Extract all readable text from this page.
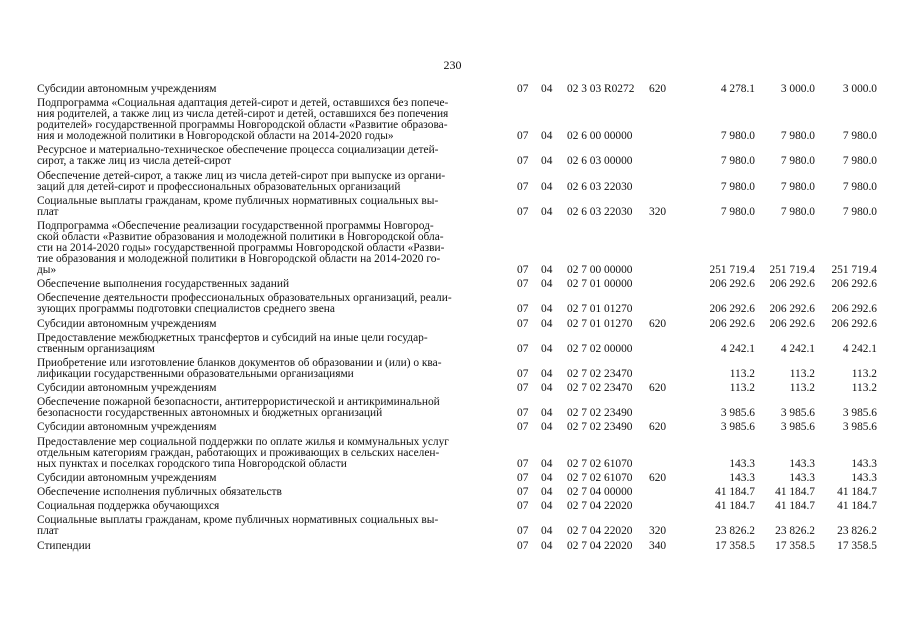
230
Субсидии автономным учреждениям	07	04	02 3 03 R0272	620	4 278.1	3 000.0	3 000.0
Подпрограмма «Социальная адаптация детей-сирот и детей, оставшихся без попече-
ния родителей, а также лиц из числа детей-сирот и детей, оставшихся без попечения
родителей» государственной программы Новгородской области «Развитие образова-
ния и молодежной политики в Новгородской области на 2014-2020 годы»	07	04	02 6 00 00000	7 980.0	7 980.0	7 980.0
Ресурсное и материально-техническое обеспечение процесса социализации детей-
сирот, а также лиц из числа детей-сирот	07	04	02 6 03 00000	7 980.0	7 980.0	7 980.0
Обеспечение детей-сирот, а также лиц из числа детей-сирот при выпуске из органи-
заций для детей-сирот и профессиональных образовательных организаций	07	04	02 6 03 22030	7 980.0	7 980.0	7 980.0
Социальные выплаты гражданам, кроме публичных нормативных социальных вы-
плат	07	04	02 6 03 22030	320	7 980.0	7 980.0	7 980.0
Подпрограмма «Обеспечение реализации государственной программы Новгород-
ской области «Развитие образования и молодежной политики в Новгородской обла-
сти на 2014-2020 годы» государственной программы Новгородской области «Разви-
тие образования и молодежной политики в Новгородской области на 2014-2020 го-
ды»	07	04	02 7 00 00000	251 719.4	251 719.4	251 719.4
Обеспечение выполнения государственных заданий	07	04	02 7 01 00000	206 292.6	206 292.6	206 292.6
Обеспечение деятельности профессиональных образовательных организаций, реали-
зующих программы подготовки специалистов среднего звена	07	04	02 7 01 01270	206 292.6	206 292.6	206 292.6
Субсидии автономным учреждениям	07	04	02 7 01 01270	620	206 292.6	206 292.6	206 292.6
Предоставление межбюджетных трансфертов и субсидий на иные цели государ-
ственным организациям	07	04	02 7 02 00000	4 242.1	4 242.1	4 242.1
Приобретение или изготовление бланков документов об образовании и (или) о ква-
лификации государственными образовательными организациями	07	04	02 7 02 23470	113.2	113.2	113.2
Субсидии автономным учреждениям	07	04	02 7 02 23470	620	113.2	113.2	113.2
Обеспечение пожарной безопасности, антитеррористической и антикриминальной
безопасности государственных автономных и бюджетных организаций	07	04	02 7 02 23490	3 985.6	3 985.6	3 985.6
Субсидии автономным учреждениям	07	04	02 7 02 23490	620	3 985.6	3 985.6	3 985.6
Предоставление мер социальной поддержки по оплате жилья и коммунальных услуг
отдельным категориям граждан, работающих и проживающих в сельских населен-
ных пунктах и поселках городского типа Новгородской области	07	04	02 7 02 61070	143.3	143.3	143.3
Субсидии автономным учреждениям	07	04	02 7 02 61070	620	143.3	143.3	143.3
Обеспечение исполнения публичных обязательств	07	04	02 7 04 00000	41 184.7	41 184.7	41 184.7
Социальная поддержка обучающихся	07	04	02 7 04 22020	41 184.7	41 184.7	41 184.7
Социальные выплаты гражданам, кроме публичных нормативных социальных вы-
плат	07	04	02 7 04 22020	320	23 826.2	23 826.2	23 826.2
Стипендии	07	04	02 7 04 22020	340	17 358.5	17 358.5	17 358.5
